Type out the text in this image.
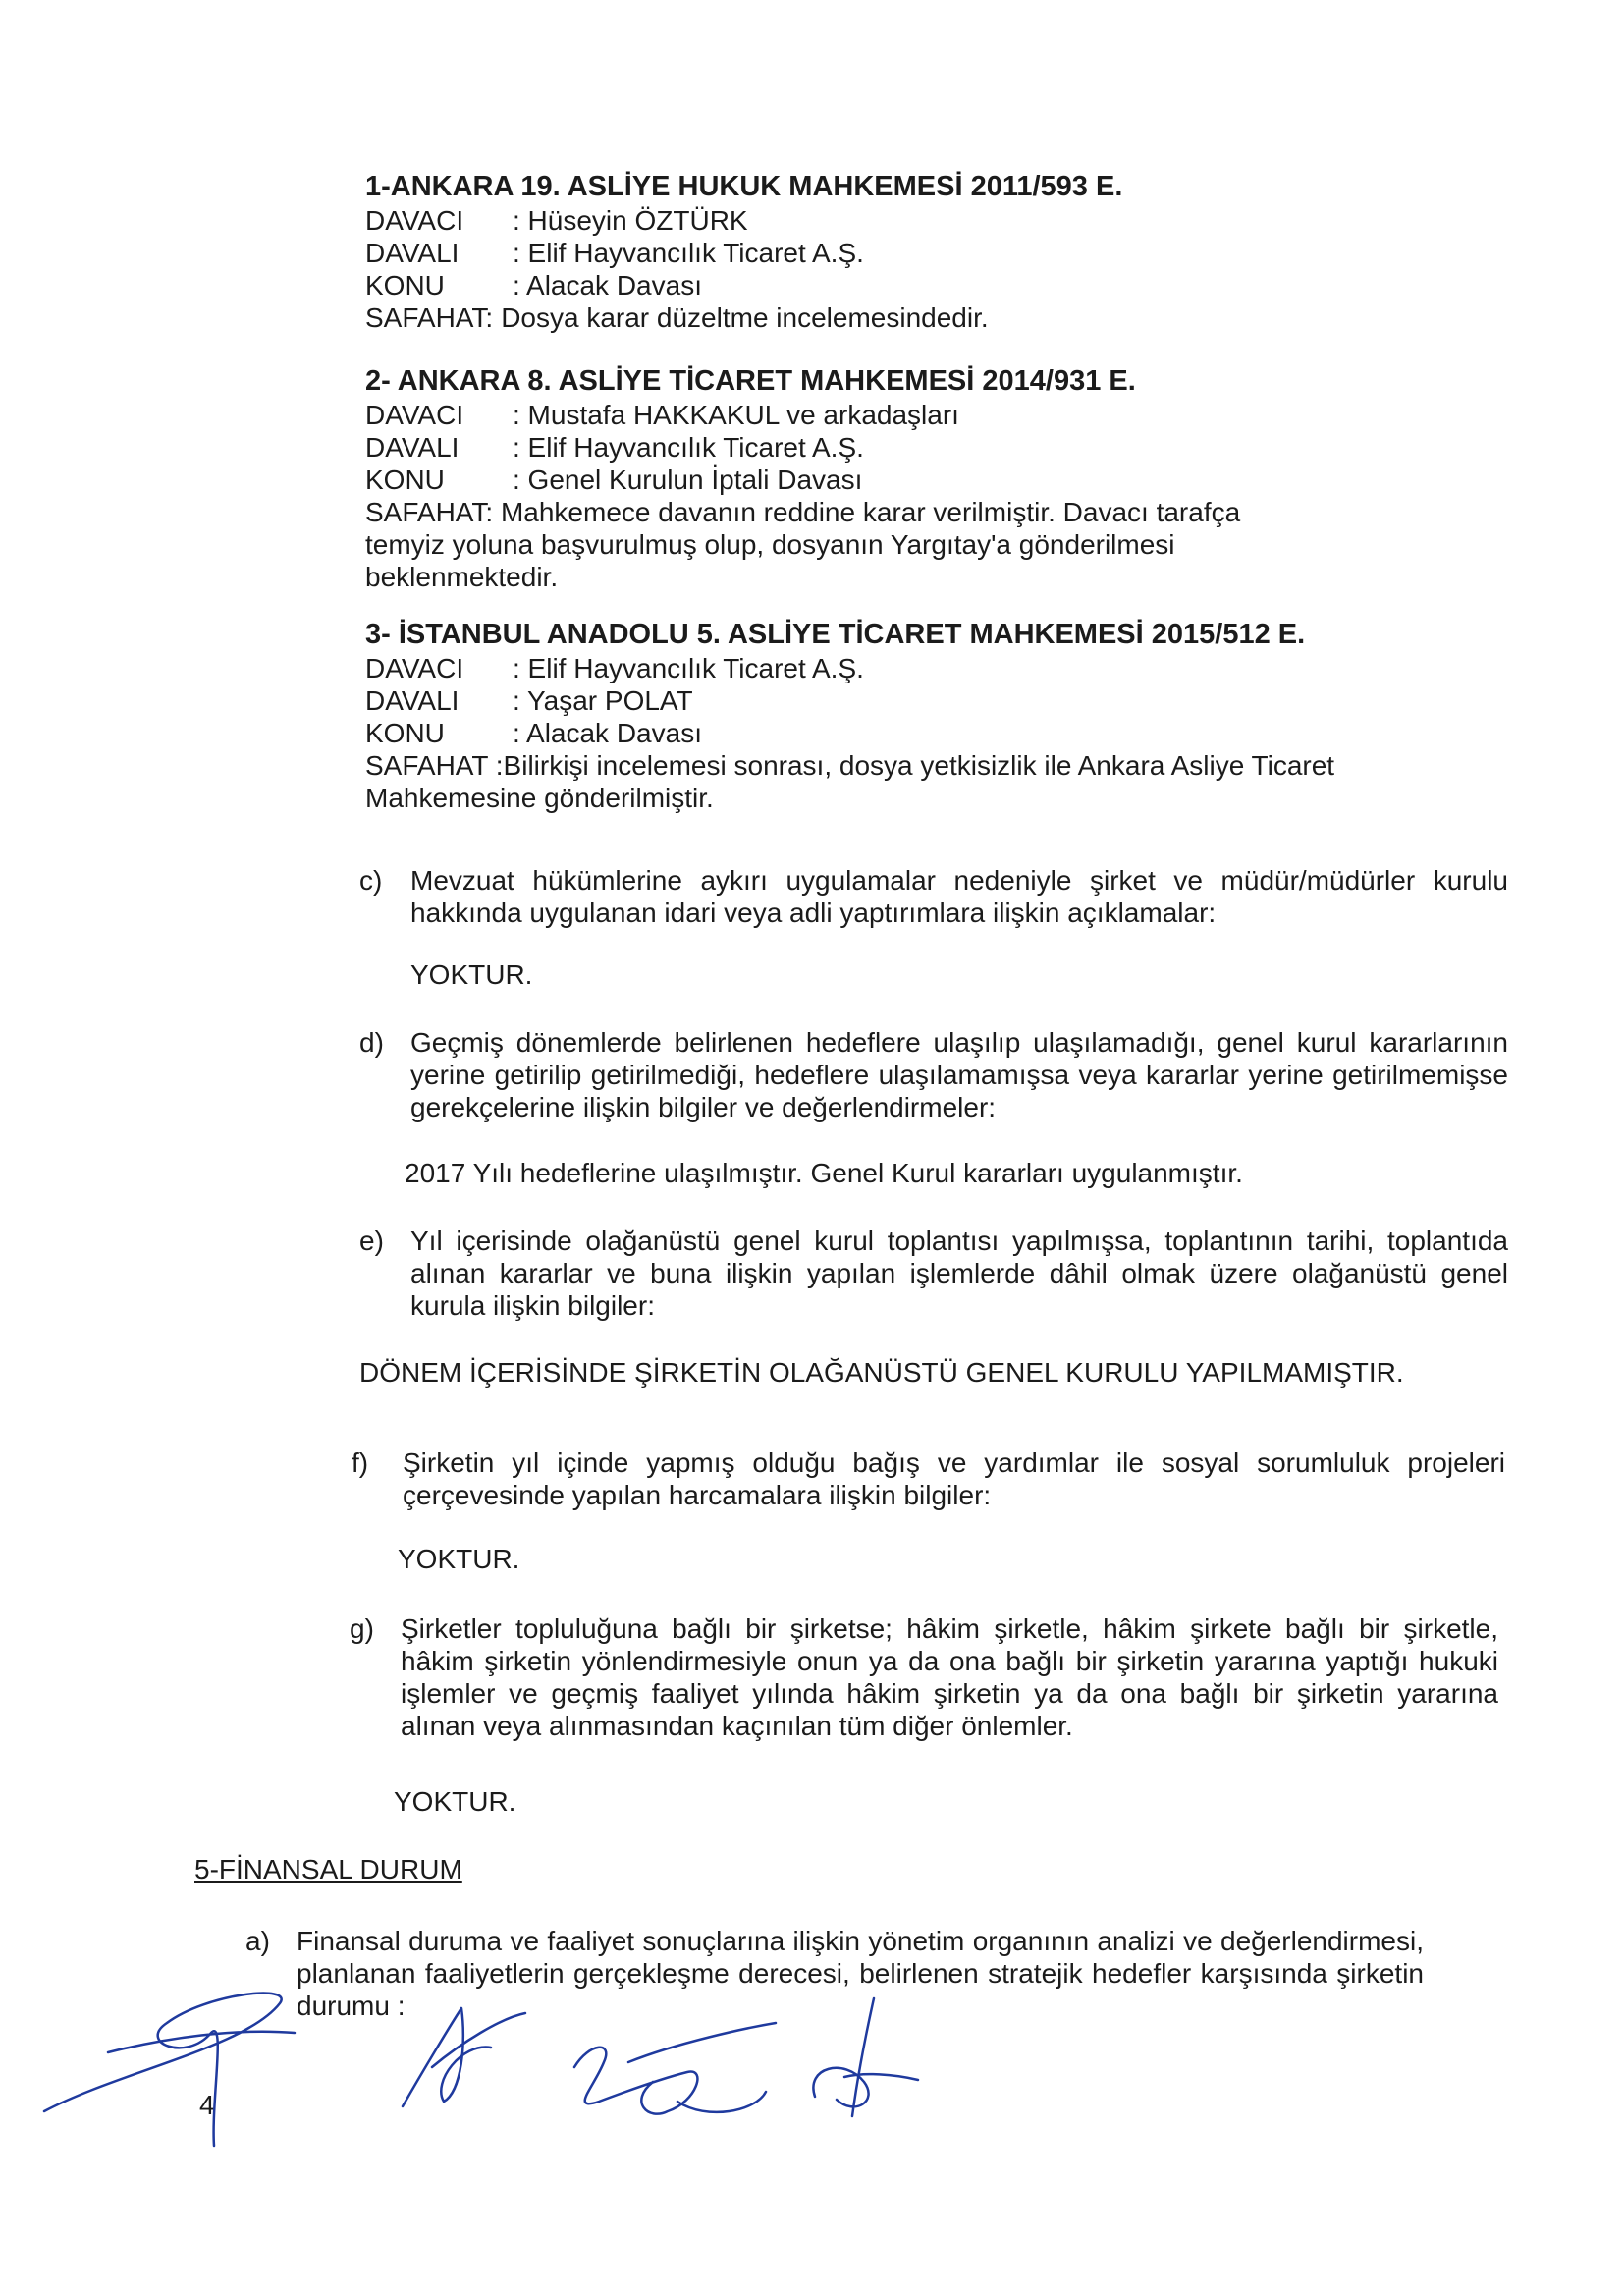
1-ANKARA 19. ASLİYE HUKUK MAHKEMESİ 2011/593 E.
DAVACI	: Hüseyin ÖZTÜRK
DAVALI	: Elif Hayvancılık Ticaret A.Ş.
KONU	: Alacak Davası
SAFAHAT: Dosya karar düzeltme incelemesindedir.
2- ANKARA 8. ASLİYE TİCARET MAHKEMESİ 2014/931 E.
DAVACI	: Mustafa HAKKAKUL ve arkadaşları
DAVALI	: Elif Hayvancılık Ticaret A.Ş.
KONU	: Genel Kurulun İptali Davası
SAFAHAT: Mahkemece davanın reddine karar verilmiştir. Davacı tarafça temyiz yoluna başvurulmuş olup, dosyanın Yargıtay'a gönderilmesi beklenmektedir.
3- İSTANBUL ANADOLU 5. ASLİYE TİCARET MAHKEMESİ 2015/512 E.
DAVACI	: Elif Hayvancılık Ticaret A.Ş.
DAVALI	: Yaşar POLAT
KONU	: Alacak Davası
SAFAHAT :Bilirkişi incelemesi sonrası, dosya yetkisizlik ile Ankara Asliye Ticaret Mahkemesine gönderilmiştir.
c) Mevzuat hükümlerine aykırı uygulamalar nedeniyle şirket ve müdür/müdürler kurulu hakkında uygulanan idari veya adli yaptırımlara ilişkin açıklamalar:
YOKTUR.
d) Geçmiş dönemlerde belirlenen hedeflere ulaşılıp ulaşılamadığı, genel kurul kararlarının yerine getirilip getirilmediği, hedeflere ulaşılamamışsa veya kararlar yerine getirilmemişse gerekçelerine ilişkin bilgiler ve değerlendirmeler:
2017 Yılı hedeflerine ulaşılmıştır. Genel Kurul kararları uygulanmıştır.
e) Yıl içerisinde olağanüstü genel kurul toplantısı yapılmışsa, toplantının tarihi, toplantıda alınan kararlar ve buna ilişkin yapılan işlemlerde dâhil olmak üzere olağanüstü genel kurula ilişkin bilgiler:
DÖNEM İÇERİSİNDE ŞİRKETİN OLAĞANÜSTÜ GENEL KURULU YAPILMAMIŞTIR.
f) Şirketin yıl içinde yapmış olduğu bağış ve yardımlar ile sosyal sorumluluk projeleri çerçevesinde yapılan harcamalara ilişkin bilgiler:
YOKTUR.
g) Şirketler topluluğuna bağlı bir şirketse; hâkim şirketle, hâkim şirkete bağlı bir şirketle, hâkim şirketin yönlendirmesiyle onun ya da ona bağlı bir şirketin yararına yaptığı hukuki işlemler ve geçmiş faaliyet yılında hâkim şirketin ya da ona bağlı bir şirketin yararına alınan veya alınmasından kaçınılan tüm diğer önlemler.
YOKTUR.
5-FİNANSAL DURUM
a) Finansal duruma ve faaliyet sonuçlarına ilişkin yönetim organının analizi ve değerlendirmesi, planlanan faaliyetlerin gerçekleşme derecesi, belirlenen stratejik hedefler karşısında şirketin durumu :
4
